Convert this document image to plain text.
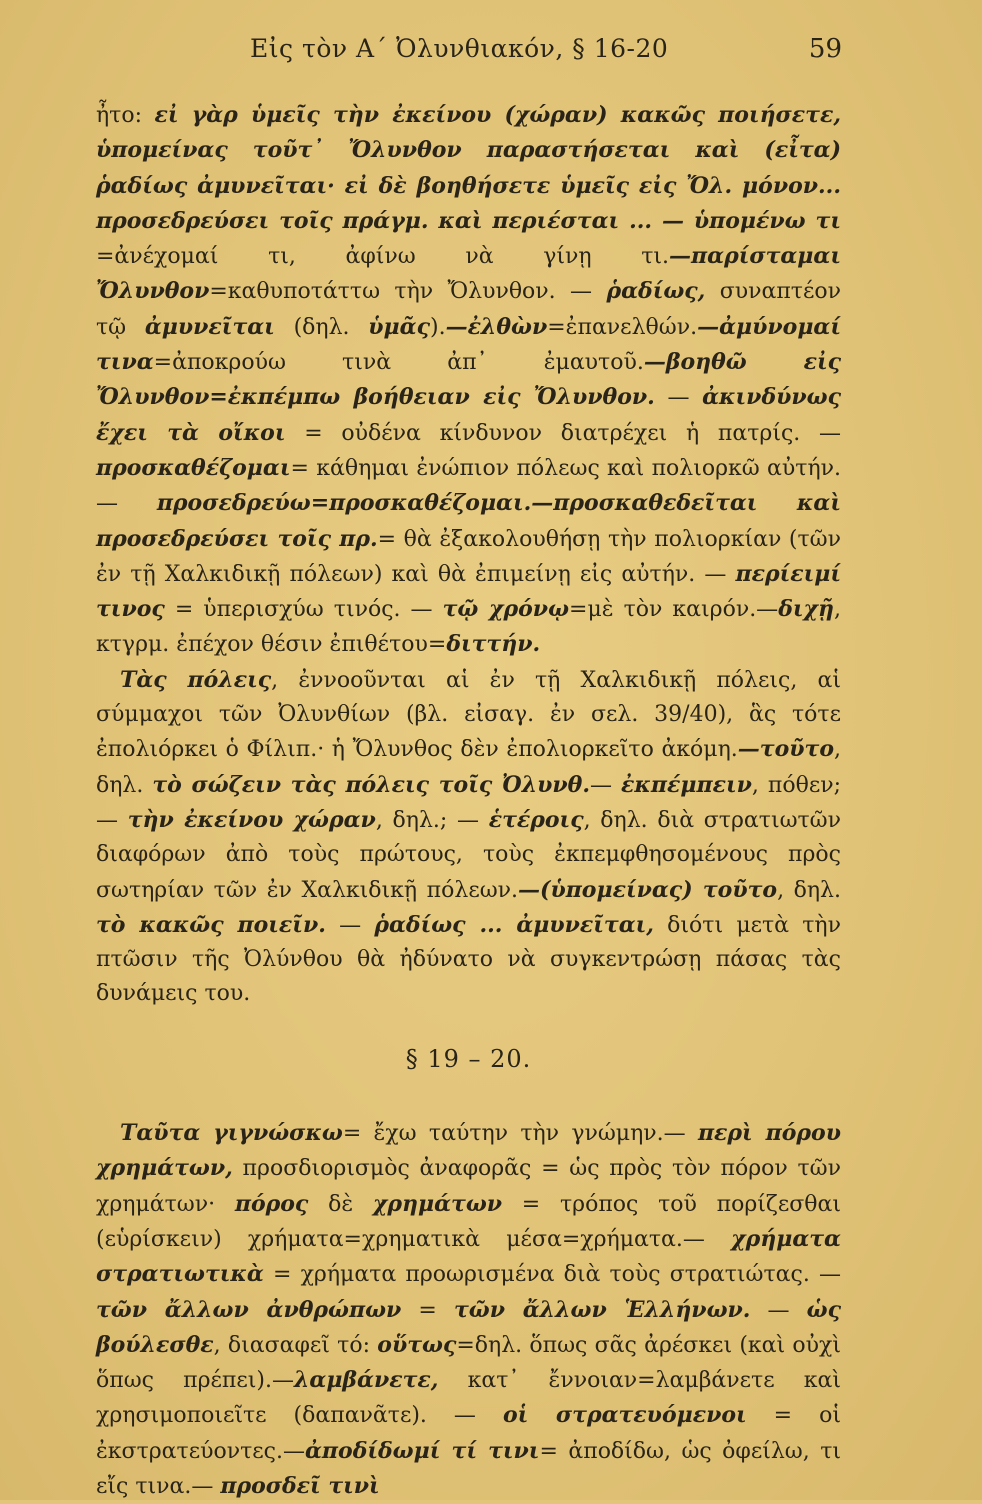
Εἰς τὸν Α΄ Ὀλυνθιακόν, § 16-20	59

ἦτο: εἰ γὰρ ὑμεῖς τὴν ἐκείνου (χώραν) κακῶς ποιήσετε, ὑπομείνας τοῦτ᾿ Ὄλυνθον παραστήσεται καὶ (εἶτα) ῥαδίως ἀμυνεῖται· εἰ δὲ βοηθήσετε ὑμεῖς εἰς Ὄλ. μόνον... προσεδρεύσει τοῖς πράγμ. καὶ περιέσται ... — ὑπομένω τι =ἀνέχομαί τι, ἀφίνω νὰ γίνῃ τι.—παρίσταμαι Ὄλυνθον=καθυποτάττω τὴν Ὄλυνθον. — ῥαδίως, συναπτέον τῷ ἀμυνεῖται (δηλ. ὑμᾶς).—ἐλθὼν=ἐπανελθών.—ἀμύνομαί τινα=ἀποκρούω τινὰ ἀπ᾿ ἐμαυτοῦ.—βοηθῶ εἰς Ὄλυνθον=ἐκπέμπω βοήθειαν εἰς Ὄλυνθον. — ἀκινδύνως ἔχει τὰ οἴκοι = οὐδένα κίνδυνον διατρέχει ἡ πατρίς. — προσκαθέζομαι= κάθημαι ἐνώπιον πόλεως καὶ πολιορκῶ αὐτήν.— προσεδρεύω=προσκαθέζομαι.—προσκαθεδεῖται καὶ προσεδρεύσει τοῖς πρ.= θὰ ἐξακολουθήσῃ τὴν πολιορκίαν (τῶν ἐν τῇ Χαλκιδικῇ πόλεων) καὶ θὰ ἐπιμείνῃ εἰς αὐτήν. — περίειμί τινος = ὑπερισχύω τινός. — τῷ χρόνῳ=μὲ τὸν καιρόν.—διχῇ, κτγρμ. ἐπέχον θέσιν ἐπιθέτου=διττήν.

Τὰς πόλεις, ἐννοοῦνται αἱ ἐν τῇ Χαλκιδικῇ πόλεις, αἱ σύμμαχοι τῶν Ὀλυνθίων (βλ. εἰσαγ. ἐν σελ. 39/40), ἃς τότε ἐπολιόρκει ὁ Φίλιπ.· ἡ Ὄλυνθος δὲν ἐπολιορκεῖτο ἀκόμη.—τοῦτο, δηλ. τὸ σώζειν τὰς πόλεις τοῖς Ὀλυνθ.— ἐκπέμπειν, πόθεν; — τὴν ἐκείνου χώραν, δηλ.; — ἑτέροις, δηλ. διὰ στρατιωτῶν διαφόρων ἀπὸ τοὺς πρώτους, τοὺς ἐκπεμφθησομένους πρὸς σωτηρίαν τῶν ἐν Χαλκιδικῇ πόλεων.—(ὑπομείνας) τοῦτο, δηλ. τὸ κακῶς ποιεῖν. — ῥαδίως ... ἀμυνεῖται, διότι μετὰ τὴν πτῶσιν τῆς Ὀλύνθου θὰ ἠδύνατο νὰ συγκεντρώσῃ πάσας τὰς δυνάμεις του.

§ 19 – 20.

Ταῦτα γιγνώσκω= ἔχω ταύτην τὴν γνώμην.— περὶ πόρου χρημάτων, προσδιορισμὸς ἀναφορᾶς = ὡς πρὸς τὸν πόρον τῶν χρημάτων· πόρος δὲ χρημάτων = τρόπος τοῦ πορίζεσθαι (εὑρίσκειν) χρήματα=χρηματικὰ μέσα=χρήματα.— χρήματα στρατιωτικὰ = χρήματα προωρισμένα διὰ τοὺς στρατιώτας. — τῶν ἄλλων ἀνθρώπων = τῶν ἄλλων Ἑλλήνων. — ὡς βούλεσθε, διασαφεῖ τό: οὕτως=δηλ. ὅπως σᾶς ἀρέσκει (καὶ οὐχὶ ὅπως πρέπει).—λαμβάνετε, κατ᾿ ἔννοιαν=λαμβάνετε καὶ χρησιμοποιεῖτε (δαπανᾶτε). — οἱ στρατευόμενοι = οἱ ἐκστρατεύοντες.—ἀποδίδωμί τί τινι= ἀποδίδω, ὡς ὀφείλω, τι εἴς τινα.— προσδεῖ τινὶ
